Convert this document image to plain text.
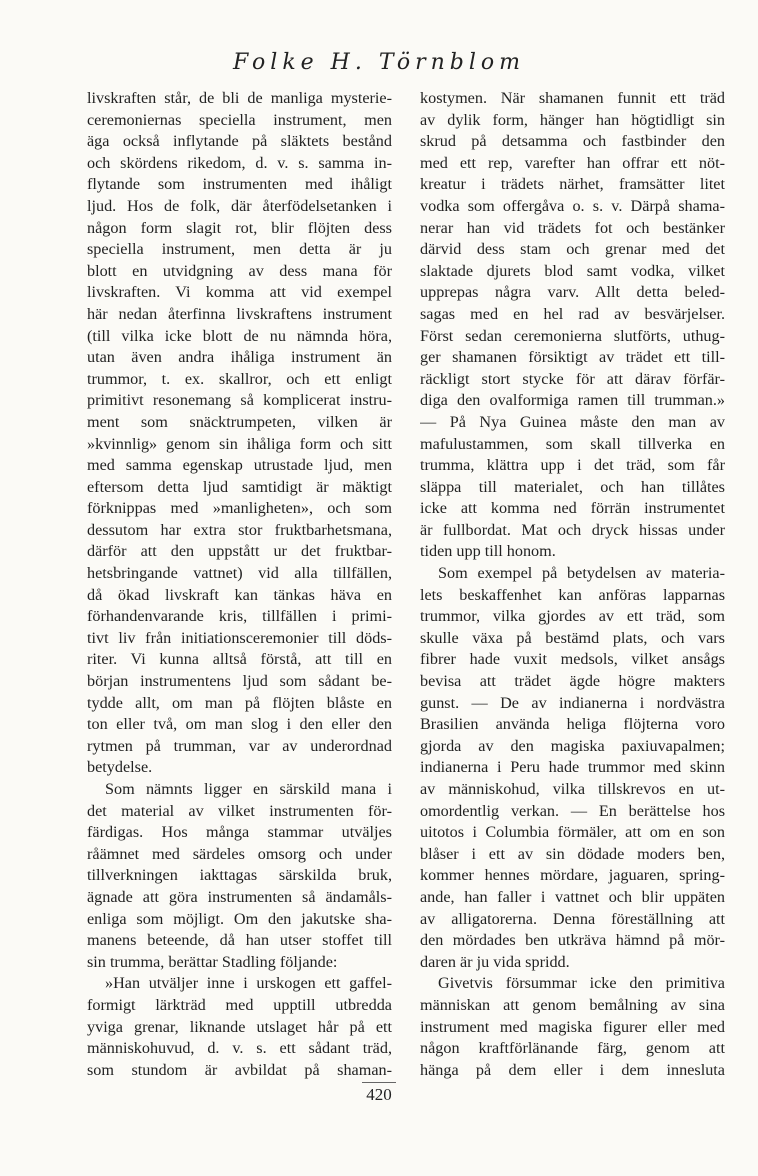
Folke H. Törnblom
livskraften står, de bli de manliga mysterie-
ceremoniernas speciella instrument, men
äga också inflytande på släktets bestånd
och skördens rikedom, d. v. s. samma in-
flytande som instrumenten med ihåligt
ljud. Hos de folk, där återfödelsetanken i
någon form slagit rot, blir flöjten dess
speciella instrument, men detta är ju
blott en utvidgning av dess mana för
livskraften. Vi komma att vid exempel
här nedan återfinna livskraftens instrument
(till vilka icke blott de nu nämnda höra,
utan även andra ihåliga instrument än
trummor, t. ex. skallror, och ett enligt
primitivt resonemang så komplicerat instru-
ment som snäcktrumpeten, vilken är
»kvinnlig» genom sin ihåliga form och sitt
med samma egenskap utrustade ljud, men
eftersom detta ljud samtidigt är mäktigt
förknippas med »manligheten», och som
dessutom har extra stor fruktbarhetsmana,
därför att den uppstått ur det fruktbar-
hetsbringande vattnet) vid alla tillfällen,
då ökad livskraft kan tänkas häva en
förhandenvarande kris, tillfällen i primi-
tivt liv från initiationsceremonier till döds-
riter. Vi kunna alltså förstå, att till en
början instrumentens ljud som sådant be-
tydde allt, om man på flöjten blåste en
ton eller två, om man slog i den eller den
rytmen på trumman, var av underordnad
betydelse.
Som nämnts ligger en särskild mana i
det material av vilket instrumenten för-
färdigas. Hos många stammar utväljes
råämnet med särdeles omsorg och under
tillverkningen iakttagas särskilda bruk,
ägnade att göra instrumenten så ändamåls-
enliga som möjligt. Om den jakutske sha-
manens beteende, då han utser stoffet till
sin trumma, berättar Stadling följande:
»Han utväljer inne i urskogen ett gaffel-
formigt lärkträd med upptill utbredda
yviga grenar, liknande utslaget hår på ett
människohuvud, d. v. s. ett sådant träd,
som stundom är avbildat på shaman-
kostymen. När shamanen funnit ett träd
av dylik form, hänger han högtidligt sin
skrud på detsamma och fastbinder den
med ett rep, varefter han offrar ett nöt-
kreatur i trädets närhet, framsätter litet
vodka som offergåva o. s. v. Därpå shama-
nerar han vid trädets fot och bestänker
därvid dess stam och grenar med det
slaktade djurets blod samt vodka, vilket
upprepas några varv. Allt detta beled-
sagas med en hel rad av besvärjelser.
Först sedan ceremonierna slutförts, uthug-
ger shamanen försiktigt av trädet ett till-
räckligt stort stycke för att därav förfär-
diga den ovalformiga ramen till trumman.»
— På Nya Guinea måste den man av
mafulustammen, som skall tillverka en
trumma, klättra upp i det träd, som får
släppa till materialet, och han tillåtes
icke att komma ned förrän instrumentet
är fullbordat. Mat och dryck hissas under
tiden upp till honom.
Som exempel på betydelsen av materia-
lets beskaffenhet kan anföras lapparnas
trummor, vilka gjordes av ett träd, som
skulle växa på bestämd plats, och vars
fibrer hade vuxit medsols, vilket ansågs
bevisa att trädet ägde högre makters
gunst. — De av indianerna i nordvästra
Brasilien använda heliga flöjterna voro
gjorda av den magiska paxiuvapalmen;
indianerna i Peru hade trummor med skinn
av människohud, vilka tillskrevos en ut-
omordentlig verkan. — En berättelse hos
uitotos i Columbia förmäler, att om en son
blåser i ett av sin dödade moders ben,
kommer hennes mördare, jaguaren, spring-
ande, han faller i vattnet och blir uppäten
av alligatorerna. Denna föreställning att
den mördades ben utkräva hämnd på mör-
daren är ju vida spridd.
Givetvis försummar icke den primitiva
människan att genom bemålning av sina
instrument med magiska figurer eller med
någon kraftförlänande färg, genom att
hänga på dem eller i dem innesluta
420
